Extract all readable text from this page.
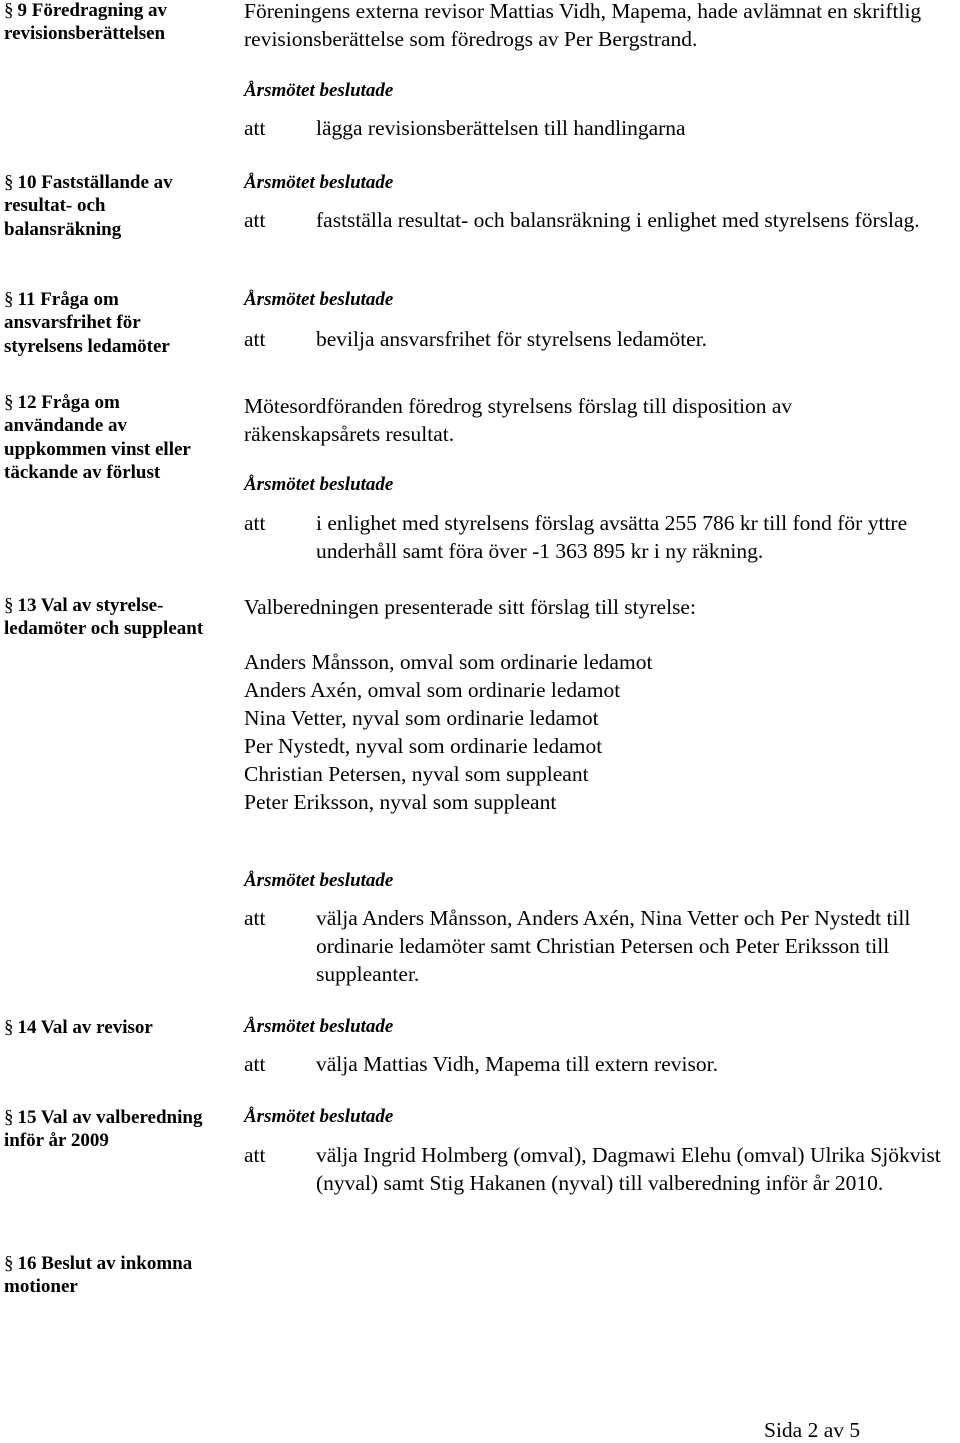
§ 9 Föredragning av revisionsberättelsen
§ 10 Fastställande av resultat- och balansräkning
§ 11 Fråga om ansvarsfrihet för styrelsens ledamöter
§ 12 Fråga om användande av uppkommen vinst eller täckande av förlust
§ 13 Val av styrelse-ledamöter och suppleant
§ 14 Val av revisor
§ 15 Val av valberedning inför år 2009
§ 16 Beslut av inkomna motioner
Föreningens externa revisor Mattias Vidh, Mapema, hade avlämnat en skriftlig revisionsberättelse som föredrogs av Per Bergstrand.
Årsmötet beslutade
att lägga revisionsberättelsen till handlingarna
Årsmötet beslutade
att fastställa resultat- och balansräkning i enlighet med styrelsens förslag.
Årsmötet beslutade
att bevilja ansvarsfrihet för styrelsens ledamöter.
Mötesordföranden föredrog styrelsens förslag till disposition av räkenskapsårets resultat.
Årsmötet beslutade
att i enlighet med styrelsens förslag avsätta 255 786 kr till fond för yttre underhåll samt föra över -1 363 895 kr i ny räkning.
Valberedningen presenterade sitt förslag till styrelse:
Anders Månsson, omval som ordinarie ledamot
Anders Axén, omval som ordinarie ledamot
Nina Vetter, nyval som ordinarie ledamot
Per Nystedt, nyval som ordinarie ledamot
Christian Petersen, nyval som suppleant
Peter Eriksson, nyval som suppleant
Årsmötet beslutade
att välja Anders Månsson, Anders Axén, Nina Vetter och Per Nystedt till ordinarie ledamöter samt Christian Petersen och Peter Eriksson till suppleanter.
Årsmötet beslutade
att välja Mattias Vidh, Mapema till extern revisor.
Årsmötet beslutade
att välja Ingrid Holmberg (omval), Dagmawi Elehu (omval) Ulrika Sjökvist (nyval) samt Stig Hakanen (nyval) till valberedning inför år 2010.
Sida 2 av 5
